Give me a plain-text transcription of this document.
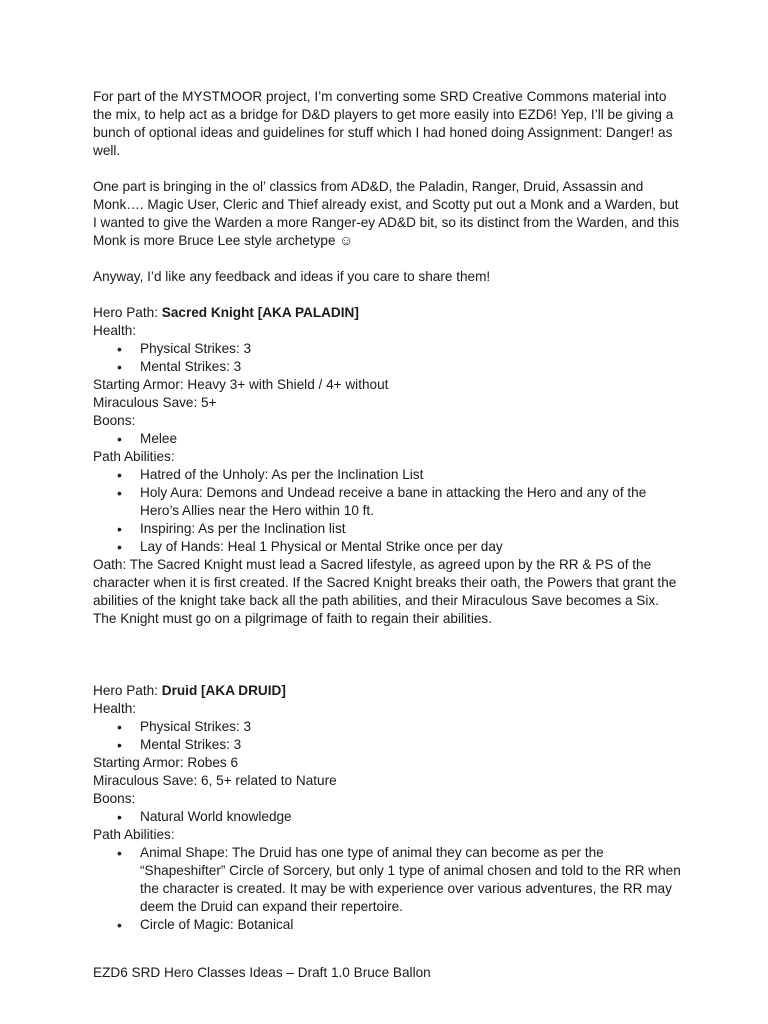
For part of the MYSTMOOR project, I’m converting some SRD Creative Commons material into the mix, to help act as a bridge for D&D players to get more easily into EZD6! Yep, I’ll be giving a bunch of optional ideas and guidelines for stuff which I had honed doing Assignment: Danger! as well.

One part is bringing in the ol’ classics from AD&D, the Paladin, Ranger, Druid, Assassin and Monk…. Magic User, Cleric and Thief already exist, and Scotty put out a Monk and a Warden, but I wanted to give the Warden a more Ranger-ey AD&D bit, so its distinct from the Warden, and this Monk is more Bruce Lee style archetype ☺

Anyway, I’d like any feedback and ideas if you care to share them!

Hero Path: Sacred Knight [AKA PALADIN]

Health:

• Physical Strikes: 3
• Mental Strikes: 3

Starting Armor: Heavy 3+ with Shield / 4+ without

Miraculous Save: 5+

Boons:

• Melee

Path Abilities:

• Hatred of the Unholy: As per the Inclination List
• Holy Aura: Demons and Undead receive a bane in attacking the Hero and any of the Hero’s Allies near the Hero within 10 ft.
• Inspiring: As per the Inclination list
• Lay of Hands: Heal 1 Physical or Mental Strike once per day

Oath: The Sacred Knight must lead a Sacred lifestyle, as agreed upon by the RR & PS of the character when it is first created. If the Sacred Knight breaks their oath, the Powers that grant the abilities of the knight take back all the path abilities, and their Miraculous Save becomes a Six. The Knight must go on a pilgrimage of faith to regain their abilities.

Hero Path: Druid [AKA DRUID]

Health:

• Physical Strikes: 3
• Mental Strikes: 3

Starting Armor: Robes 6

Miraculous Save: 6, 5+ related to Nature

Boons:

• Natural World knowledge

Path Abilities:

• Animal Shape: The Druid has one type of animal they can become as per the “Shapeshifter” Circle of Sorcery, but only 1 type of animal chosen and told to the RR when the character is created. It may be with experience over various adventures, the RR may deem the Druid can expand their repertoire.
• Circle of Magic: Botanical

EZD6 SRD Hero Classes Ideas – Draft 1.0 Bruce Ballon
